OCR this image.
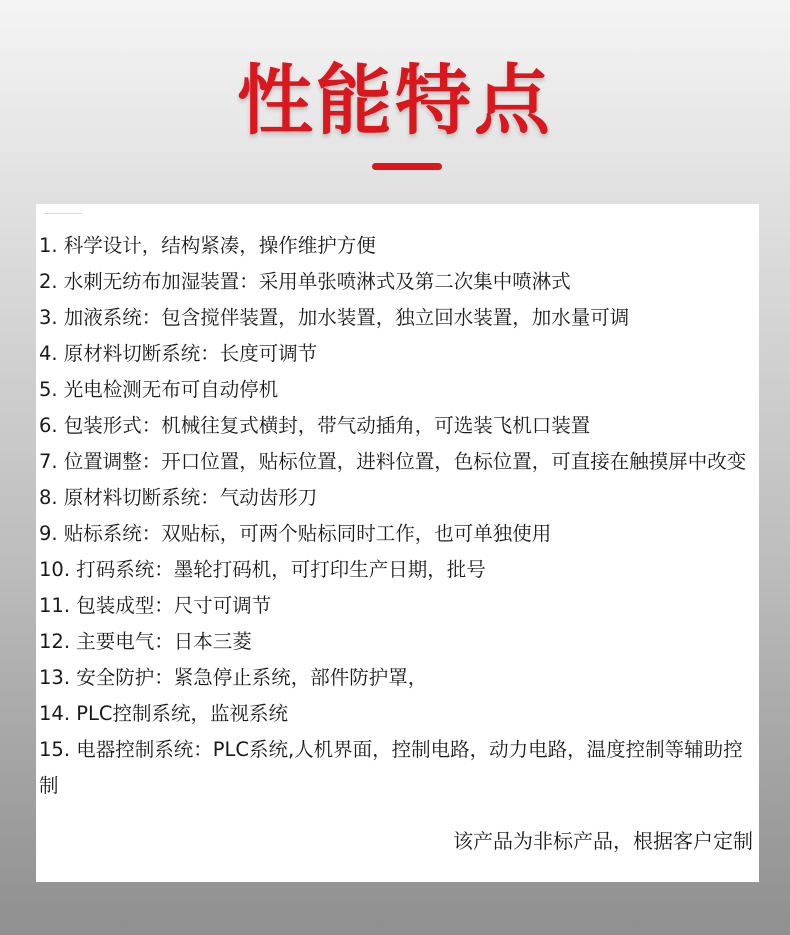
性能特点
1. 科学设计，结构紧凑，操作维护方便
2. 水刺无纺布加湿装置：采用单张喷淋式及第二次集中喷淋式
3. 加液系统：包含搅伴装置，加水装置，独立回水装置，加水量可调
4. 原材料切断系统：长度可调节
5. 光电检测无布可自动停机
6. 包装形式：机械往复式横封，带气动插角，可选装飞机口装置
7. 位置调整：开口位置，贴标位置，进料位置，色标位置，可直接在触摸屏中改变
8. 原材料切断系统：气动齿形刀
9. 贴标系统：双贴标，可两个贴标同时工作，也可单独使用
10. 打码系统：墨轮打码机，可打印生产日期，批号
11. 包装成型：尺寸可调节
12. 主要电气：日本三菱
13. 安全防护：紧急停止系统，部件防护罩，
14. PLC控制系统，监视系统
15. 电器控制系统：PLC系统,人机界面，控制电路，动力电路，温度控制等辅助控制
该产品为非标产品，根据客户定制
